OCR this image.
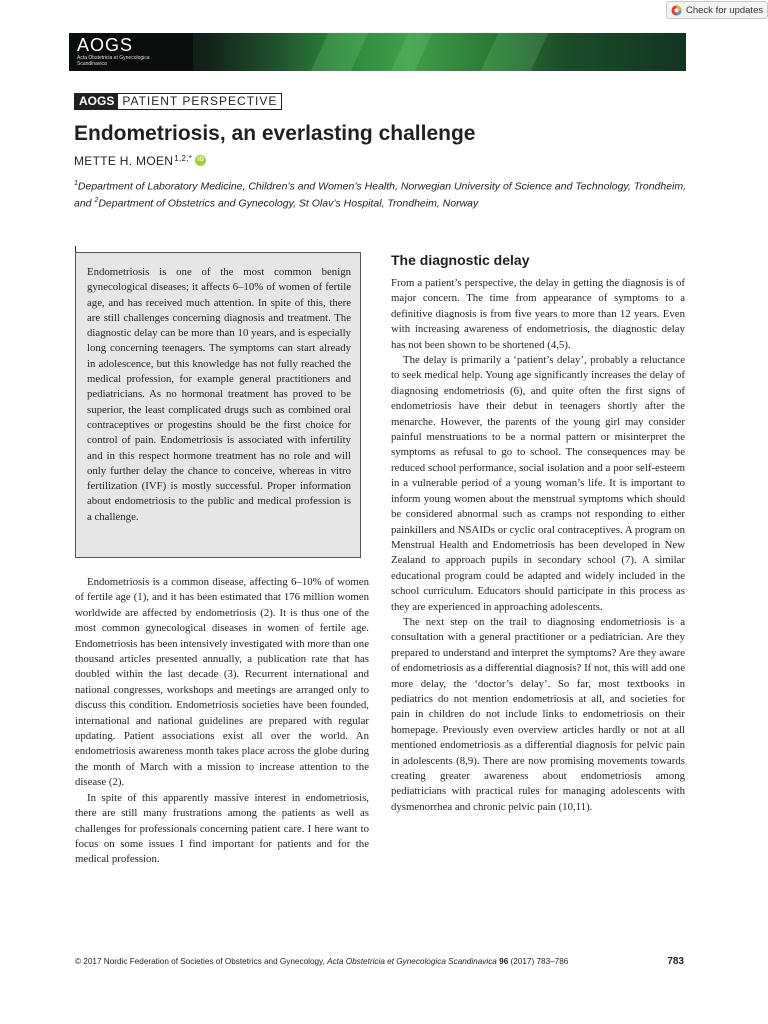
Check for updates
AOGS
Acta Obstetricia et Gynecologica
Scandinavica
AOGS PATIENT PERSPECTIVE
Endometriosis, an everlasting challenge
METTE H. MOEN $^{1,2,*}$ iD
$^1$Department of Laboratory Medicine, Children’s and Women’s Health, Norwegian University of Science and Technology, Trondheim, and $^2$Department of Obstetrics and Gynecology, St Olav’s Hospital, Trondheim, Norway
Endometriosis is one of the most common benign gynecological diseases; it affects 6–10% of women of fertile age, and has received much attention. In spite of this, there are still challenges concerning diagnosis and treatment. The diagnostic delay can be more than 10 years, and is especially long concerning teenagers. The symptoms can start already in adolescence, but this knowledge has not fully reached the medical profession, for example general practitioners and pediatricians. As no hormonal treatment has proved to be superior, the least complicated drugs such as combined oral contraceptives or progestins should be the first choice for control of pain. Endometriosis is associated with infertility and in this respect hormone treatment has no role and will only further delay the chance to conceive, whereas in vitro fertilization (IVF) is mostly successful. Proper information about endometriosis to the public and medical profession is a challenge.

Endometriosis is a common disease, affecting 6–10% of women of fertile age (1), and it has been estimated that 176 million women worldwide are affected by endometriosis (2). It is thus one of the most common gynecological diseases in women of fertile age. Endometriosis has been intensively investigated with more than one thousand articles presented annually, a publication rate that has doubled within the last decade (3). Recurrent international and national congresses, workshops and meetings are arranged only to discuss this condition. Endometriosis societies have been founded, international and national guidelines are prepared with regular updating. Patient associations exist all over the world. An endometriosis awareness month takes place across the globe during the month of March with a mission to increase attention to the disease (2).

In spite of this apparently massive interest in endometriosis, there are still many frustrations among the patients as well as challenges for professionals concerning patient care. I here want to focus on some issues I find important for patients and for the medical profession.

The diagnostic delay

From a patient’s perspective, the delay in getting the diagnosis is of major concern. The time from appearance of symptoms to a definitive diagnosis is from five years to more than 12 years. Even with increasing awareness of endometriosis, the diagnostic delay has not been shown to be shortened (4,5).

The delay is primarily a ‘patient’s delay’, probably a reluctance to seek medical help. Young age significantly increases the delay of diagnosing endometriosis (6), and quite often the first signs of endometriosis have their debut in teenagers shortly after the menarche. However, the parents of the young girl may consider painful menstruations to be a normal pattern or misinterpret the symptoms as refusal to go to school. The consequences may be reduced school performance, social isolation and a poor self-esteem in a vulnerable period of a young woman’s life. It is important to inform young women about the menstrual symptoms which should be considered abnormal such as cramps not responding to either painkillers and NSAIDs or cyclic oral contraceptives. A program on Menstrual Health and Endometriosis has been developed in New Zealand to approach pupils in secondary school (7). A similar educational program could be adapted and widely included in the school curriculum. Educators should participate in this process as they are experienced in approaching adolescents.

The next step on the trail to diagnosing endometriosis is a consultation with a general practitioner or a pediatrician. Are they prepared to understand and interpret the symptoms? Are they aware of endometriosis as a differential diagnosis? If not, this will add one more delay, the ‘doctor’s delay’. So far, most textbooks in pediatrics do not mention endometriosis at all, and societies for pain in children do not include links to endometriosis on their homepage. Previously even overview articles hardly or not at all mentioned endometriosis as a differential diagnosis for pelvic pain in adolescents (8,9). There are now promising movements towards creating greater awareness about endometriosis among pediatricians with practical rules for managing adolescents with dysmenorrhea and chronic pelvic pain (10,11).

© 2017 Nordic Federation of Societies of Obstetrics and Gynecology, Acta Obstetricia et Gynecologica Scandinavica 96 (2017) 783–786	783
